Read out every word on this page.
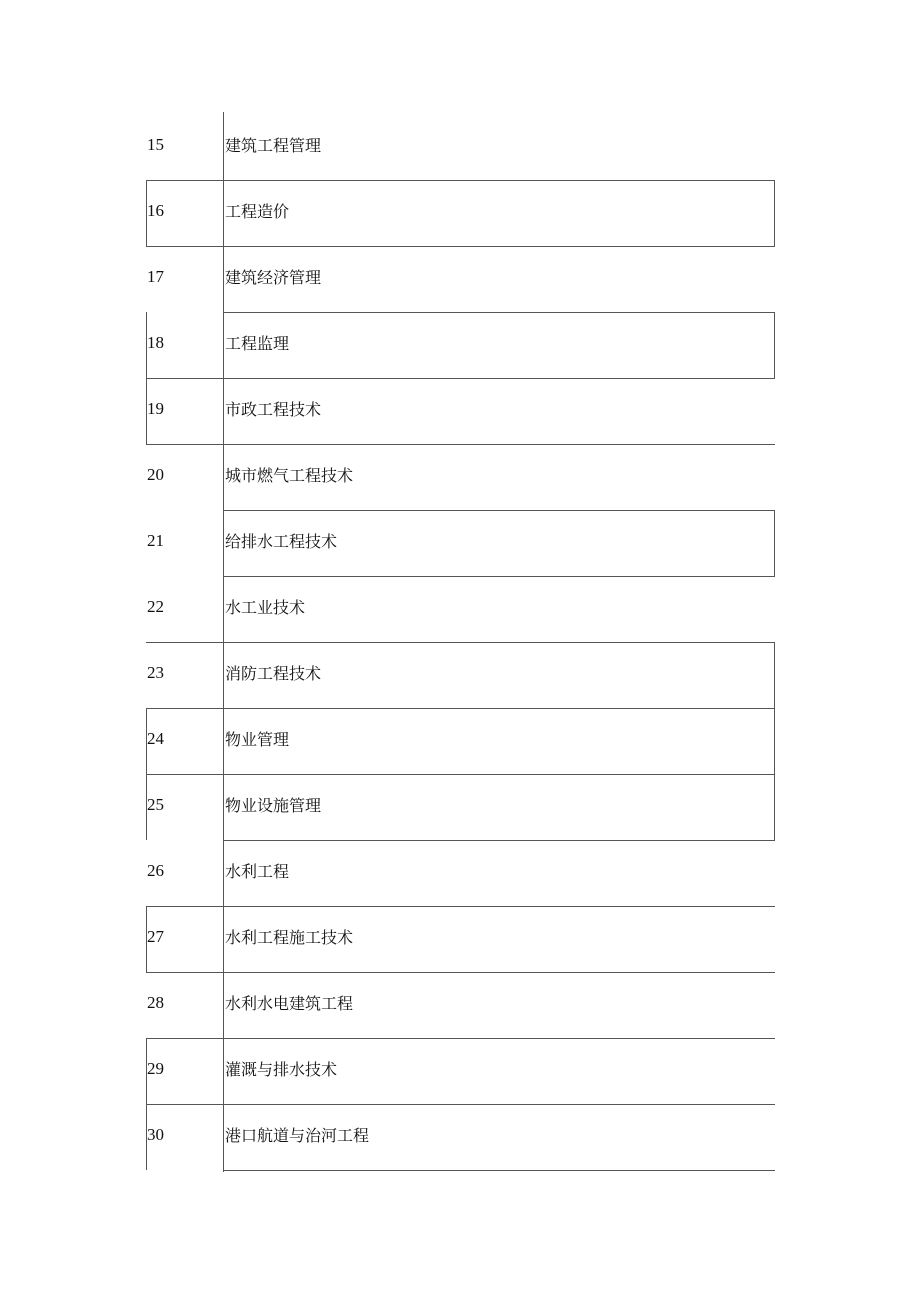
15	建筑工程管理
16	工程造价
17	建筑经济管理
18	工程监理
19	市政工程技术
20	城市燃气工程技术
21	给排水工程技术
22	水工业技术
23	消防工程技术
24	物业管理
25	物业设施管理
26	水利工程
27	水利工程施工技术
28	水利水电建筑工程
29	灌溉与排水技术
30	港口航道与治河工程
